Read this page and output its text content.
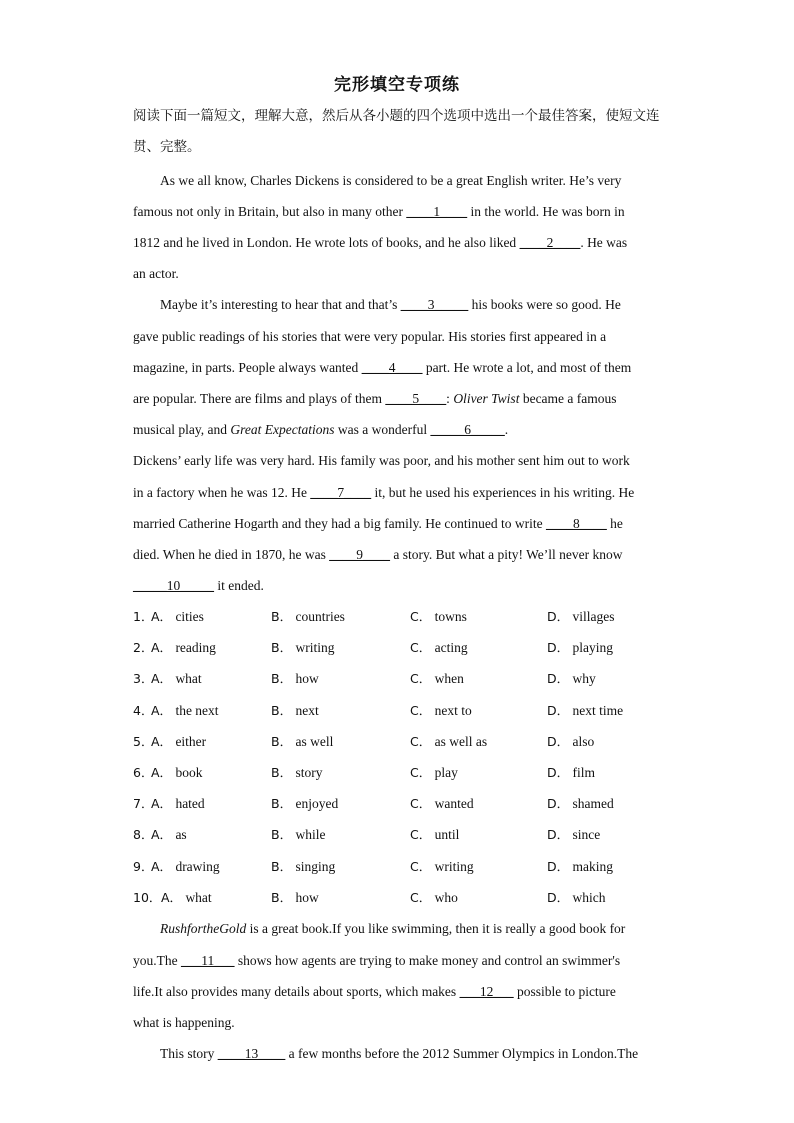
完形填空专项练
阅读下面一篇短文，理解大意，然后从各小题的四个选项中选出一个最佳答案，使短文连贯、完整。
As we all know, Charles Dickens is considered to be a great English writer. He’s very
famous not only in Britain, but also in many other ____1____ in the world. He was born in
1812 and he lived in London. He wrote lots of books, and he also liked ____2____. He was
an actor.
Maybe it’s interesting to hear that and that’s ____3_____ his books were so good. He
gave public readings of his stories that were very popular. His stories first appeared in a
magazine, in parts. People always wanted ____4____ part. He wrote a lot, and most of them
are popular. There are films and plays of them ____5____: Oliver Twist became a famous
musical play, and Great Expectations was a wonderful _____6_____.
Dickens’ early life was very hard. His family was poor, and his mother sent him out to work
in a factory when he was 12. He ____7____ it, but he used his experiences in his writing. He
married Catherine Hogarth and they had a big family. He continued to write ____8____ he
died. When he died in 1870, he was ____9____ a story. But what a pity! We’ll never know
_____10_____ it ended.
1．
A． cities	B． countries	C． towns	D． villages
2．
A． reading	B． writing	C． acting	D． playing
3．
A． what	B． how	C． when	D． why
4．
A． the next	B． next	C． next to	D． next time
5．
A． either	B． as well	C． as well as	D． also
6．
A． book	B． story	C． play	D． film
7．
A． hated	B． enjoyed	C． wanted	D． shamed
8．
A． as	B． while	C． until	D． since
9．
A． drawing	B． singing	C． writing	D． making
10． A． what	B． how	C． who	D． which
RushfortheGold is a great book.If you like swimming, then it is really a good book for
you.The ___11___ shows how agents are trying to make money and control an swimmer's
life.It also provides many details about sports, which makes ___12___ possible to picture
what is happening.
This story ____13____ a few months before the 2012 Summer Olympics in London.The
